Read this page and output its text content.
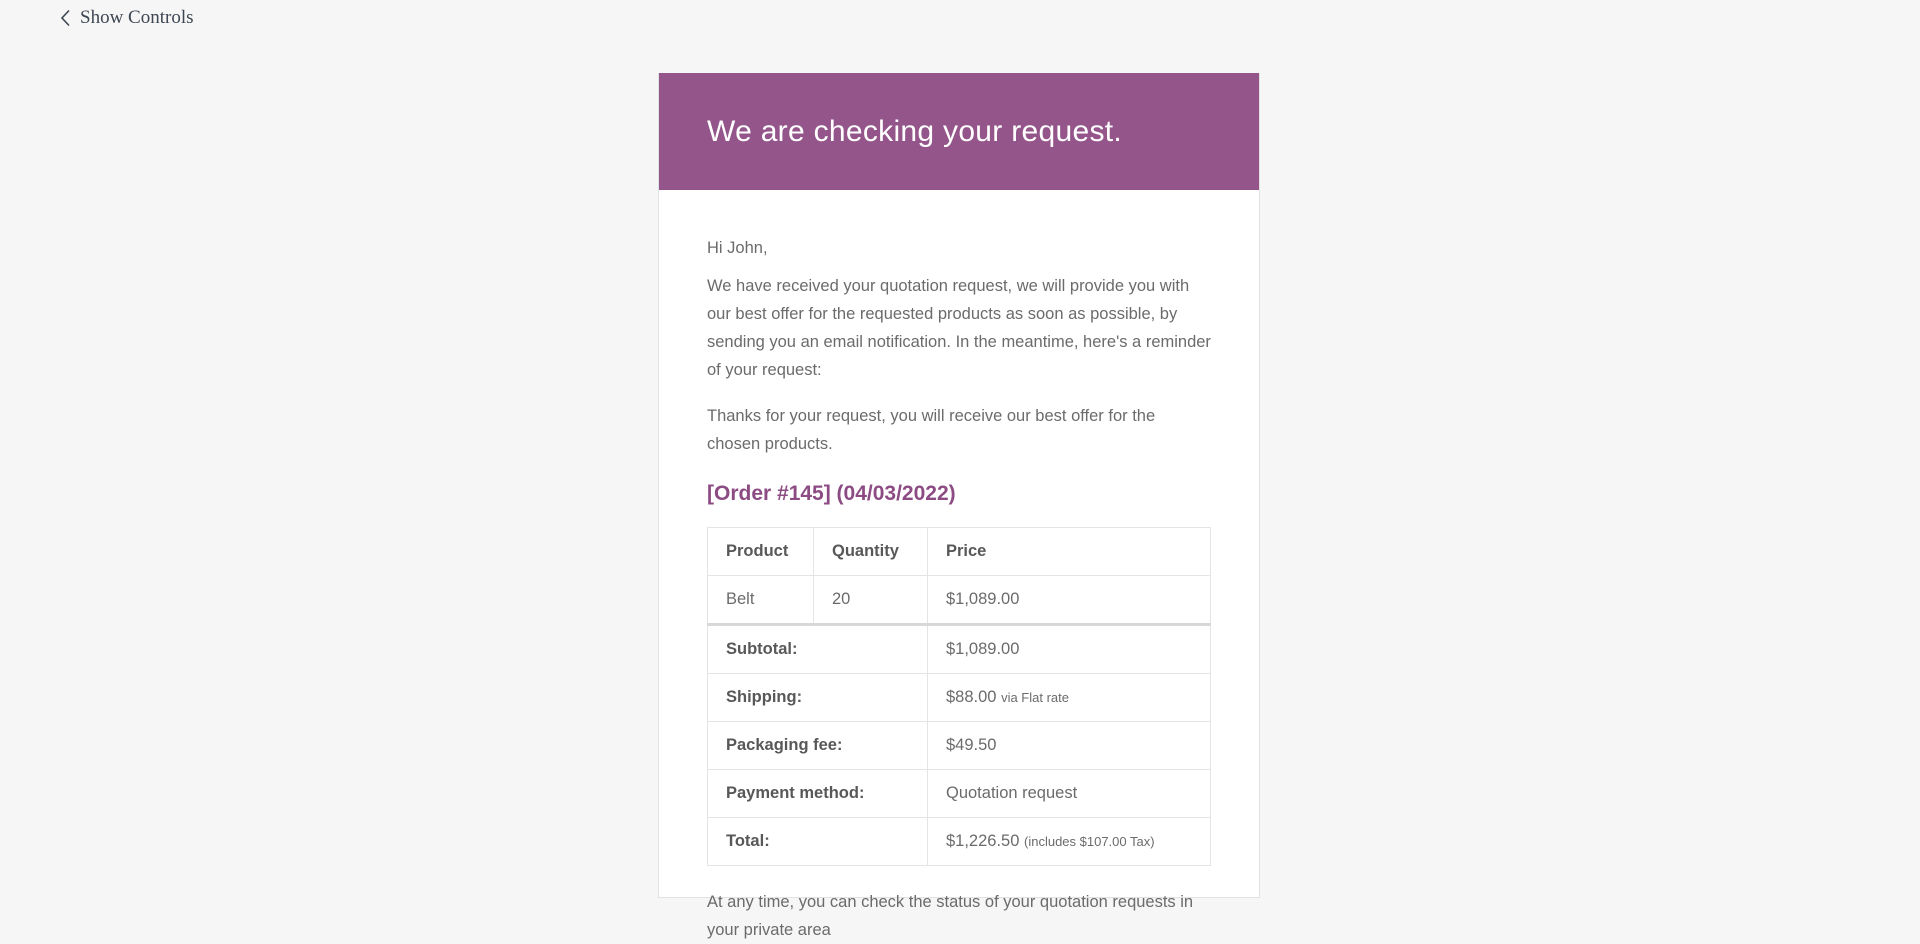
Show Controls
We are checking your request.

Hi John,

We have received your quotation request, we will provide you with our best offer for the requested products as soon as possible, by sending you an email notification. In the meantime, here's a reminder of your request:

Thanks for your request, you will receive our best offer for the chosen products.

[Order #145] (04/03/2022)
Product	Quantity	Price
Belt	20	$1,089.00
Subtotal:		$1,089.00
Shipping:		$88.00 via Flat rate
Packaging fee:		$49.50
Payment method:		Quotation request
Total:		$1,226.50 (includes $107.00 Tax)

At any time, you can check the status of your quotation requests in your private area
